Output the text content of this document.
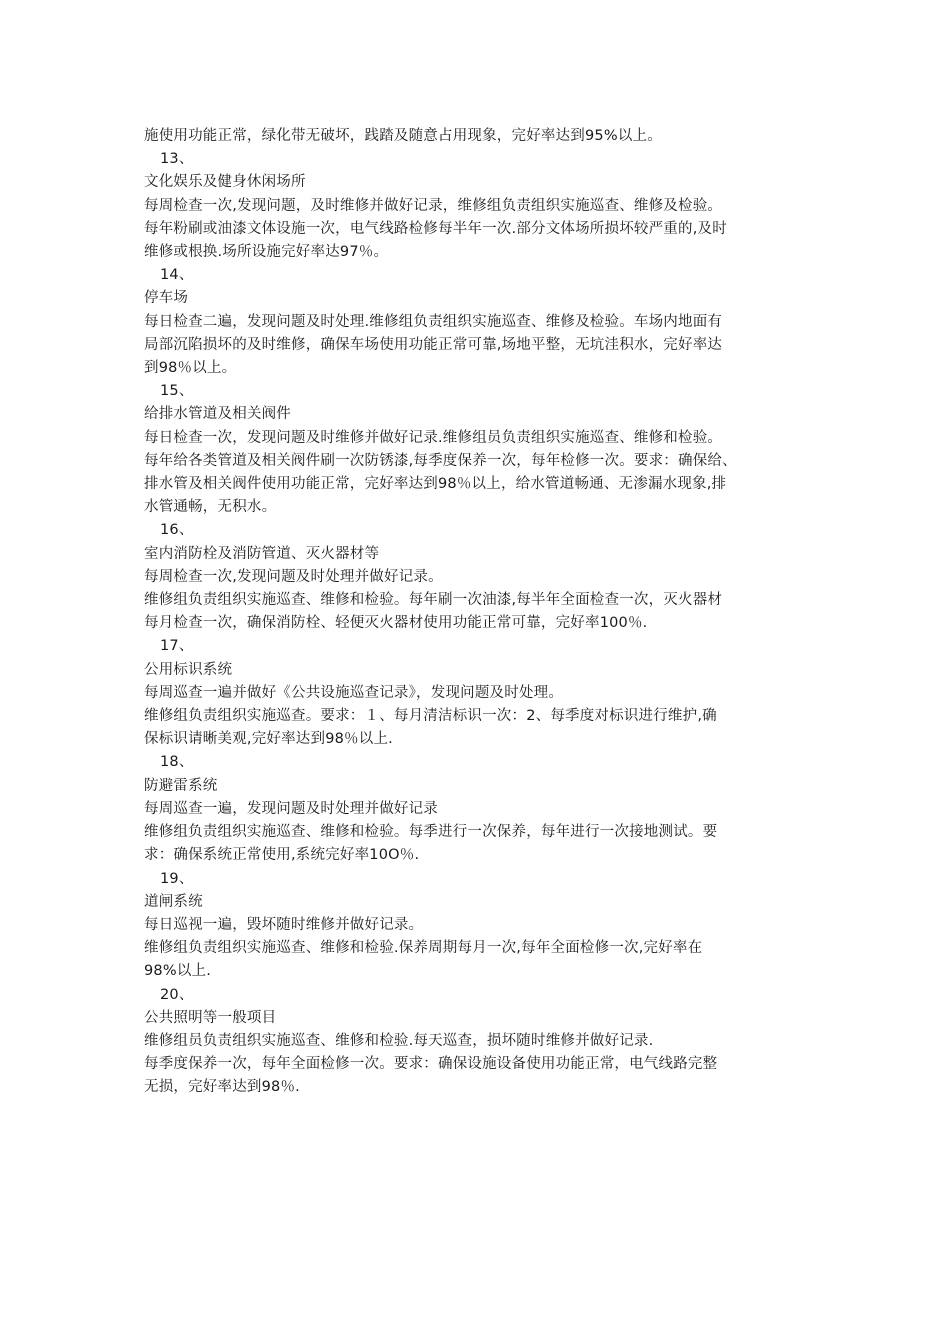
施使用功能正常，绿化带无破坏，践踏及随意占用现象，完好率达到95%以上。
13、
文化娱乐及健身休闲场所
每周检查一次,发现问题，及时维修并做好记录，维修组负责组织实施巡查、维修及检验。
每年粉刷或油漆文体设施一次，电气线路检修每半年一次.部分文体场所损坏较严重的,及时
维修或根换.场所设施完好率达97％。
14、
停车场
每日检查二遍，发现问题及时处理.维修组负责组织实施巡查、维修及检验。车场内地面有
局部沉陷损坏的及时维修，确保车场使用功能正常可靠,场地平整，无坑洼积水，完好率达
到98％以上。
15、
给排水管道及相关阀件
每日检查一次，发现问题及时维修并做好记录.维修组员负责组织实施巡查、维修和检验。
每年给各类管道及相关阀件刷一次防锈漆,每季度保养一次，每年检修一次。要求：确保给、
排水管及相关阀件使用功能正常，完好率达到98％以上，给水管道畅通、无渗漏水现象,排
水管通畅，无积水。
16、
室内消防栓及消防管道、灭火器材等
每周检查一次,发现问题及时处理并做好记录。
维修组负责组织实施巡查、维修和检验。每年刷一次油漆,每半年全面检查一次，灭火器材
每月检查一次，确保消防栓、轻便灭火器材使用功能正常可靠，完好率100％.
17、
公用标识系统
每周巡查一遍并做好《公共设施巡查记录》，发现问题及时处理。
维修组负责组织实施巡查。要求：１、每月清洁标识一次：2、每季度对标识进行维护,确
保标识请晰美观,完好率达到98％以上.
18、
防避雷系统
每周巡查一遍，发现问题及时处理并做好记录
维修组负责组织实施巡查、维修和检验。每季进行一次保养，每年进行一次接地测试。要
求：确保系统正常使用,系统完好率10O％.
19、
道闸系统
每日巡视一遍，毁坏随时维修并做好记录。
维修组负责组织实施巡查、维修和检验.保养周期每月一次,每年全面检修一次,完好率在
98%以上.
20、
公共照明等一般项目
维修组员负责组织实施巡查、维修和检验.每天巡查，损坏随时维修并做好记录.
每季度保养一次，每年全面检修一次。要求：确保设施设备使用功能正常，电气线路完整
无损，完好率达到98％.
